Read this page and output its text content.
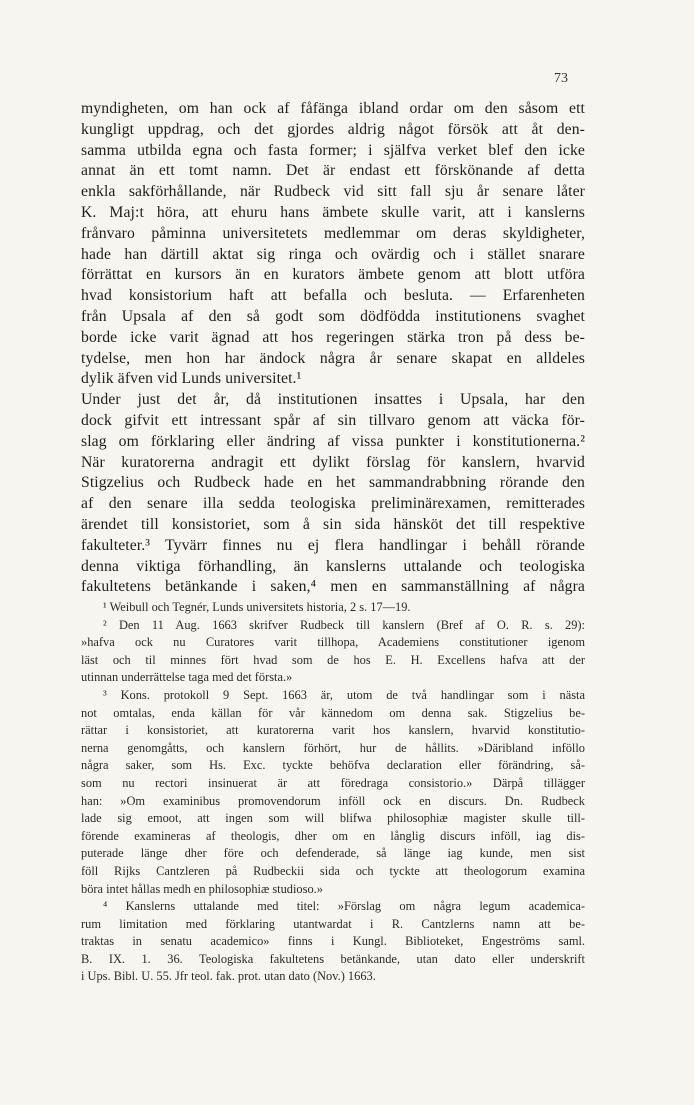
73
myndigheten, om han ock af fåfänga ibland ordar om den såsom ett
kungligt uppdrag, och det gjordes aldrig något försök att åt den-
samma utbilda egna och fasta former; i själfva verket blef den icke
annat än ett tomt namn. Det är endast ett förskönande af detta
enkla sakförhållande, när Rudbeck vid sitt fall sju år senare låter
K. Maj:t höra, att ehuru hans ämbete skulle varit, att i kanslerns
frånvaro påminna universitetets medlemmar om deras skyldigheter,
hade han därtill aktat sig ringa och ovärdig och i stället snarare
förrättat en kursors än en kurators ämbete genom att blott utföra
hvad konsistorium haft att befalla och besluta. — Erfarenheten
från Upsala af den så godt som dödfödda institutionens svaghet
borde icke varit ägnad att hos regeringen stärka tron på dess be-
tydelse, men hon har ändock några år senare skapat en alldeles
dylik äfven vid Lunds universitet.¹
Under just det år, då institutionen insattes i Upsala, har den
dock gifvit ett intressant spår af sin tillvaro genom att väcka för-
slag om förklaring eller ändring af vissa punkter i konstitutionerna.²
När kuratorerna andragit ett dylikt förslag för kanslern, hvarvid
Stigzelius och Rudbeck hade en het sammandrabbning rörande den
af den senare illa sedda teologiska preliminärexamen, remitterades
ärendet till konsistoriet, som å sin sida hänsköt det till respektive
fakulteter.³ Tyvärr finnes nu ej flera handlingar i behåll rörande
denna viktiga förhandling, än kanslerns uttalande och teologiska
fakultetens betänkande i saken,⁴ men en sammanställning af några
¹ Weibull och Tegnér, Lunds universitets historia, 2 s. 17—19.
² Den 11 Aug. 1663 skrifver Rudbeck till kanslern (Bref af O. R. s. 29):
»hafva ock nu Curatores varit tillhopa, Academiens constitutioner igenom
läst och til minnes fört hvad som de hos E. H. Excellens hafva att der
utinnan underrättelse taga med det första.»
³ Kons. protokoll 9 Sept. 1663 är, utom de två handlingar som i nästa
not omtalas, enda källan för vår kännedom om denna sak. Stigzelius be-
rättar i konsistoriet, att kuratorerna varit hos kanslern, hvarvid konstitutio-
nerna genomgåtts, och kanslern förhört, hur de hållits. »Däribland inföllo
några saker, som Hs. Exc. tyckte behöfva declaration eller förändring, så-
som nu rectori insinuerat är att föredraga consistorio.» Därpå tillägger
han: »Om examinibus promovendorum inföll ock en discurs. Dn. Rudbeck
lade sig emoot, att ingen som will blifwa philosophiæ magister skulle till-
förende examineras af theologis, dher om en långlig discurs inföll, iag dis-
puterade länge dher före och defenderade, så länge iag kunde, men sist
föll Rijks Cantzleren på Rudbeckii sida och tyckte att theologorum examina
böra intet hållas medh en philosophiæ studioso.»
⁴ Kanslerns uttalande med titel: »Förslag om några legum academica-
rum limitation med förklaring utantwardat i R. Cantzlerns namn att be-
traktas in senatu academico» finns i Kungl. Biblioteket, Engeströms saml.
B. IX. 1. 36. Teologiska fakultetens betänkande, utan dato eller underskrift
i Ups. Bibl. U. 55. Jfr teol. fak. prot. utan dato (Nov.) 1663.
